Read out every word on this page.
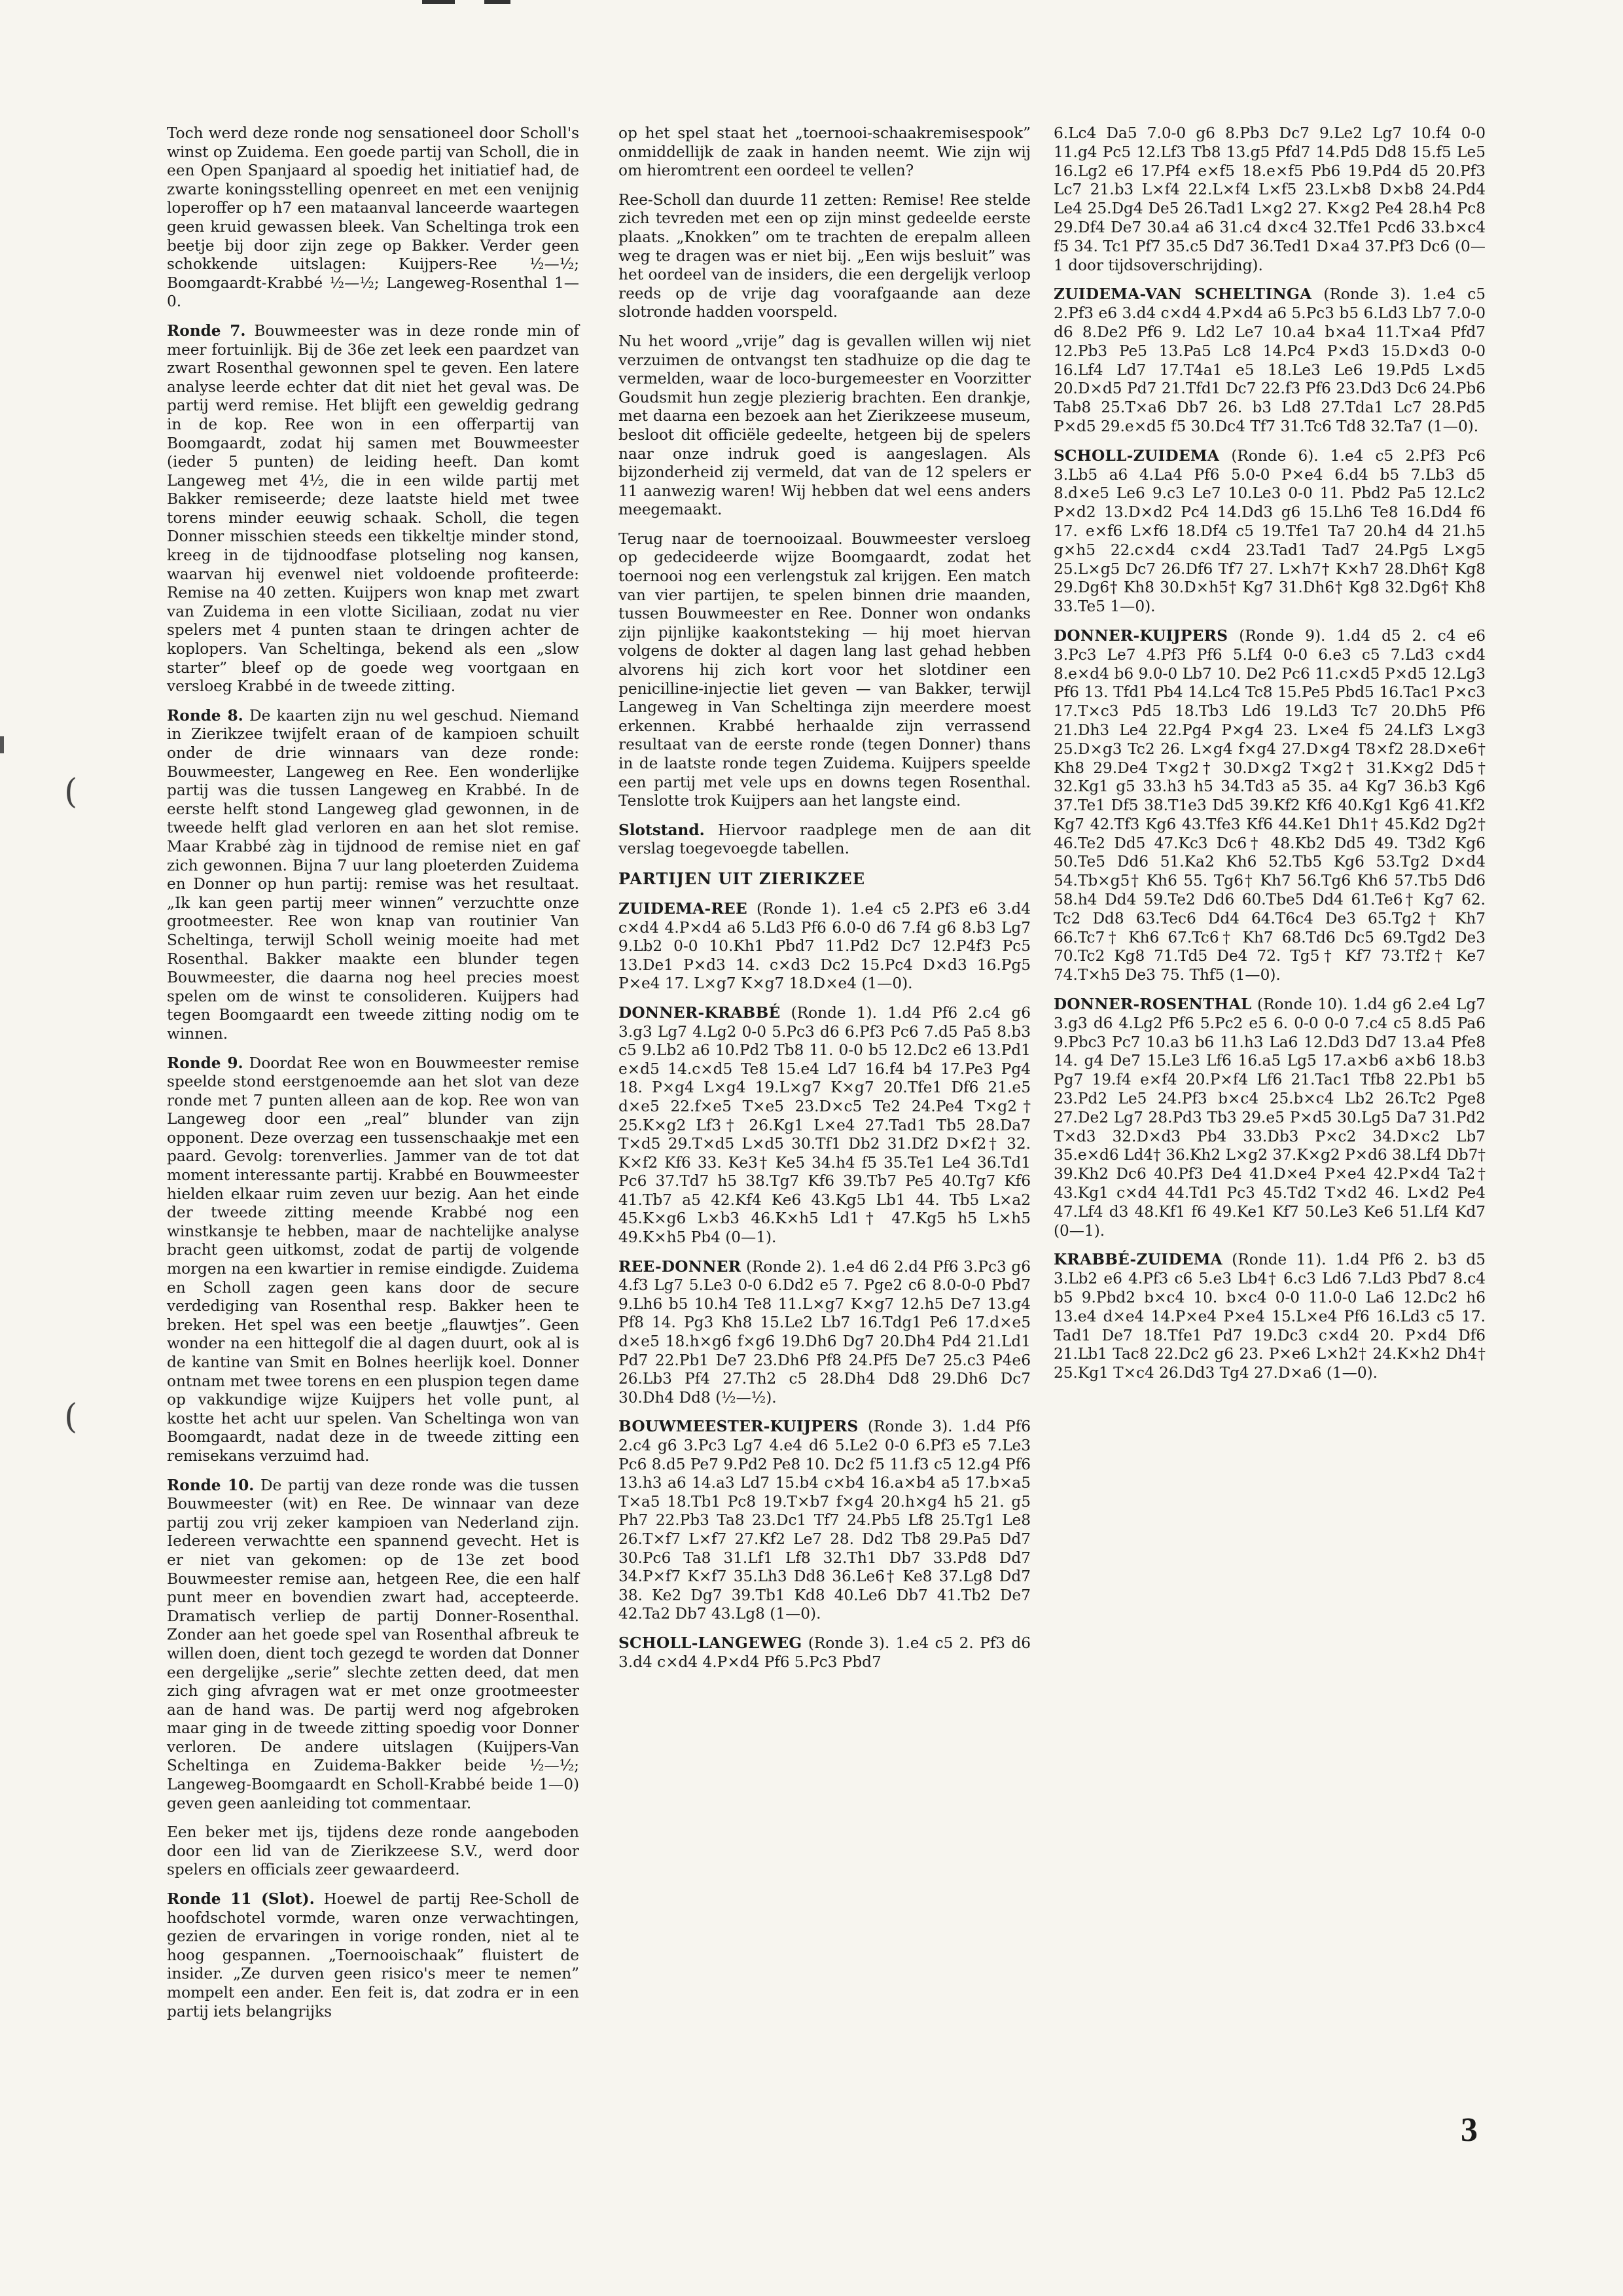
(
(

Toch werd deze ronde nog sensationeel door Scholl's winst op Zuidema. Een goede partij van Scholl, die in een Open Spanjaard al spoedig het initiatief had, de zwarte koningsstelling openreet en met een venijnig loperoffer op h7 een mataanval lanceerde waartegen geen kruid gewassen bleek. Van Scheltinga trok een beetje bij door zijn zege op Bakker. Verder geen schokkende uitslagen: Kuijpers-Ree ½—½; Boomgaardt-Krabbé ½—½; Langeweg-Rosenthal 1—0.

Ronde 7. Bouwmeester was in deze ronde min of meer fortuinlijk. Bij de 36e zet leek een paardzet van zwart Rosenthal gewonnen spel te geven. Een latere analyse leerde echter dat dit niet het geval was. De partij werd remise. Het blijft een geweldig gedrang in de kop. Ree won in een offerpartij van Boomgaardt, zodat hij samen met Bouwmeester (ieder 5 punten) de leiding heeft. Dan komt Langeweg met 4½, die in een wilde partij met Bakker remiseerde; deze laatste hield met twee torens minder eeuwig schaak. Scholl, die tegen Donner misschien steeds een tikkeltje minder stond, kreeg in de tijdnoodfase plotseling nog kansen, waarvan hij evenwel niet voldoende profiteerde: Remise na 40 zetten. Kuijpers won knap met zwart van Zuidema in een vlotte Siciliaan, zodat nu vier spelers met 4 punten staan te dringen achter de koplopers. Van Scheltinga, bekend als een „slow starter” bleef op de goede weg voortgaan en versloeg Krabbé in de tweede zitting.

Ronde 8. De kaarten zijn nu wel geschud. Niemand in Zierikzee twijfelt eraan of de kampioen schuilt onder de drie winnaars van deze ronde: Bouwmeester, Langeweg en Ree. Een wonderlijke partij was die tussen Langeweg en Krabbé. In de eerste helft stond Langeweg glad gewonnen, in de tweede helft glad verloren en aan het slot remise. Maar Krabbé zàg in tijdnood de remise niet en gaf zich gewonnen. Bijna 7 uur lang ploeterden Zuidema en Donner op hun partij: remise was het resultaat. „Ik kan geen partij meer winnen” verzuchtte onze grootmeester. Ree won knap van routinier Van Scheltinga, terwijl Scholl weinig moeite had met Rosenthal. Bakker maakte een blunder tegen Bouwmeester, die daarna nog heel precies moest spelen om de winst te consolideren. Kuijpers had tegen Boomgaardt een tweede zitting nodig om te winnen.

Ronde 9. Doordat Ree won en Bouwmeester remise speelde stond eerstgenoemde aan het slot van deze ronde met 7 punten alleen aan de kop. Ree won van Langeweg door een „real” blunder van zijn opponent. Deze overzag een tussenschaakje met een paard. Gevolg: torenverlies. Jammer van de tot dat moment interessante partij. Krabbé en Bouwmeester hielden elkaar ruim zeven uur bezig. Aan het einde der tweede zitting meende Krabbé nog een winstkansje te hebben, maar de nachtelijke analyse bracht geen uitkomst, zodat de partij de volgende morgen na een kwartier in remise eindigde. Zuidema en Scholl zagen geen kans door de secure verdediging van Rosenthal resp. Bakker heen te breken. Het spel was een beetje „flauwtjes”. Geen wonder na een hittegolf die al dagen duurt, ook al is de kantine van Smit en Bolnes heerlijk koel. Donner ontnam met twee torens en een pluspion tegen dame op vakkundige wijze Kuijpers het volle punt, al kostte het acht uur spelen. Van Scheltinga won van Boomgaardt, nadat deze in de tweede zitting een remisekans verzuimd had.

Ronde 10. De partij van deze ronde was die tussen Bouwmeester (wit) en Ree. De winnaar van deze partij zou vrij zeker kampioen van Nederland zijn. Iedereen verwachtte een spannend gevecht. Het is er niet van gekomen: op de 13e zet bood Bouwmeester remise aan, hetgeen Ree, die een half punt meer en bovendien zwart had, accepteerde. Dramatisch verliep de partij Donner-Rosenthal. Zonder aan het goede spel van Rosenthal afbreuk te willen doen, dient toch gezegd te worden dat Donner een dergelijke „serie” slechte zetten deed, dat men zich ging afvragen wat er met onze grootmeester aan de hand was. De partij werd nog afgebroken maar ging in de tweede zitting spoedig voor Donner verloren. De andere uitslagen (Kuijpers-Van Scheltinga en Zuidema-Bakker beide ½—½; Langeweg-Boomgaardt en Scholl-Krabbé beide 1—0) geven geen aanleiding tot commentaar.

Een beker met ijs, tijdens deze ronde aangeboden door een lid van de Zierikzeese S.V., werd door spelers en officials zeer gewaardeerd.

Ronde 11 (Slot). Hoewel de partij Ree-Scholl de hoofdschotel vormde, waren onze verwachtingen, gezien de ervaringen in vorige ronden, niet al te hoog gespannen. „Toernooischaak” fluistert de insider. „Ze durven geen risico's meer te nemen” mompelt een ander. Een feit is, dat zodra er in een partij iets belangrijks

op het spel staat het „toernooi-schaakremisespook” onmiddellijk de zaak in handen neemt. Wie zijn wij om hieromtrent een oordeel te vellen?

Ree-Scholl dan duurde 11 zetten: Remise! Ree stelde zich tevreden met een op zijn minst gedeelde eerste plaats. „Knokken” om te trachten de erepalm alleen weg te dragen was er niet bij. „Een wijs besluit” was het oordeel van de insiders, die een dergelijk verloop reeds op de vrije dag voorafgaande aan deze slotronde hadden voorspeld.

Nu het woord „vrije” dag is gevallen willen wij niet verzuimen de ontvangst ten stadhuize op die dag te vermelden, waar de loco-burgemeester en Voorzitter Goudsmit hun zegje plezierig brachten. Een drankje, met daarna een bezoek aan het Zierikzeese museum, besloot dit officiële gedeelte, hetgeen bij de spelers naar onze indruk goed is aangeslagen. Als bijzonderheid zij vermeld, dat van de 12 spelers er 11 aanwezig waren! Wij hebben dat wel eens anders meegemaakt.

Terug naar de toernooizaal. Bouwmeester versloeg op gedecideerde wijze Boomgaardt, zodat het toernooi nog een verlengstuk zal krijgen. Een match van vier partijen, te spelen binnen drie maanden, tussen Bouwmeester en Ree. Donner won ondanks zijn pijnlijke kaakontsteking — hij moet hiervan volgens de dokter al dagen lang last gehad hebben alvorens hij zich kort voor het slotdiner een penicilline-injectie liet geven — van Bakker, terwijl Langeweg in Van Scheltinga zijn meerdere moest erkennen. Krabbé herhaalde zijn verrassend resultaat van de eerste ronde (tegen Donner) thans in de laatste ronde tegen Zuidema. Kuijpers speelde een partij met vele ups en downs tegen Rosenthal. Tenslotte trok Kuijpers aan het langste eind.

Slotstand. Hiervoor raadplege men de aan dit verslag toegevoegde tabellen.

PARTIJEN UIT ZIERIKZEE

ZUIDEMA-REE (Ronde 1). 1.e4 c5 2.Pf3 e6 3.d4 c×d4 4.P×d4 a6 5.Ld3 Pf6 6.0-0 d6 7.f4 g6 8.b3 Lg7 9.Lb2 0-0 10.Kh1 Pbd7 11.Pd2 Dc7 12.P4f3 Pc5 13.De1 P×d3 14. c×d3 Dc2 15.Pc4 D×d3 16.Pg5 P×e4 17. L×g7 K×g7 18.D×e4 (1—0).

DONNER-KRABBÉ (Ronde 1). 1.d4 Pf6 2.c4 g6 3.g3 Lg7 4.Lg2 0-0 5.Pc3 d6 6.Pf3 Pc6 7.d5 Pa5 8.b3 c5 9.Lb2 a6 10.Pd2 Tb8 11. 0-0 b5 12.Dc2 e6 13.Pd1 e×d5 14.c×d5 Te8 15.e4 Ld7 16.f4 b4 17.Pe3 Pg4 18. P×g4 L×g4 19.L×g7 K×g7 20.Tfe1 Df6 21.e5 d×e5 22.f×e5 T×e5 23.D×c5 Te2 24.Pe4 T×g2† 25.K×g2 Lf3† 26.Kg1 L×e4 27.Tad1 Tb5 28.Da7 T×d5 29.T×d5 L×d5 30.Tf1 Db2 31.Df2 D×f2† 32. K×f2 Kf6 33. Ke3† Ke5 34.h4 f5 35.Te1 Le4 36.Td1 Pc6 37.Td7 h5 38.Tg7 Kf6 39.Tb7 Pe5 40.Tg7 Kf6 41.Tb7 a5 42.Kf4 Ke6 43.Kg5 Lb1 44. Tb5 L×a2 45.K×g6 L×b3 46.K×h5 Ld1† 47.Kg5 h5 L×h5 49.K×h5 Pb4 (0—1).

REE-DONNER (Ronde 2). 1.e4 d6 2.d4 Pf6 3.Pc3 g6 4.f3 Lg7 5.Le3 0-0 6.Dd2 e5 7. Pge2 c6 8.0-0-0 Pbd7 9.Lh6 b5 10.h4 Te8 11.L×g7 K×g7 12.h5 De7 13.g4 Pf8 14. Pg3 Kh8 15.Le2 Lb7 16.Tdg1 Pe6 17.d×e5 d×e5 18.h×g6 f×g6 19.Dh6 Dg7 20.Dh4 Pd4 21.Ld1 Pd7 22.Pb1 De7 23.Dh6 Pf8 24.Pf5 De7 25.c3 P4e6 26.Lb3 Pf4 27.Th2 c5 28.Dh4 Dd8 29.Dh6 Dc7 30.Dh4 Dd8 (½—½).

BOUWMEESTER-KUIJPERS (Ronde 3). 1.d4 Pf6 2.c4 g6 3.Pc3 Lg7 4.e4 d6 5.Le2 0-0 6.Pf3 e5 7.Le3 Pc6 8.d5 Pe7 9.Pd2 Pe8 10. Dc2 f5 11.f3 c5 12.g4 Pf6 13.h3 a6 14.a3 Ld7 15.b4 c×b4 16.a×b4 a5 17.b×a5 T×a5 18.Tb1 Pc8 19.T×b7 f×g4 20.h×g4 h5 21. g5 Ph7 22.Pb3 Ta8 23.Dc1 Tf7 24.Pb5 Lf8 25.Tg1 Le8 26.T×f7 L×f7 27.Kf2 Le7 28. Dd2 Tb8 29.Pa5 Dd7 30.Pc6 Ta8 31.Lf1 Lf8 32.Th1 Db7 33.Pd8 Dd7 34.P×f7 K×f7 35.Lh3 Dd8 36.Le6† Ke8 37.Lg8 Dd7 38. Ke2 Dg7 39.Tb1 Kd8 40.Le6 Db7 41.Tb2 De7 42.Ta2 Db7 43.Lg8 (1—0).

SCHOLL-LANGEWEG (Ronde 3). 1.e4 c5 2. Pf3 d6 3.d4 c×d4 4.P×d4 Pf6 5.Pc3 Pbd7

6.Lc4 Da5 7.0-0 g6 8.Pb3 Dc7 9.Le2 Lg7 10.f4 0-0 11.g4 Pc5 12.Lf3 Tb8 13.g5 Pfd7 14.Pd5 Dd8 15.f5 Le5 16.Lg2 e6 17.Pf4 e×f5 18.e×f5 Pb6 19.Pd4 d5 20.Pf3 Lc7 21.b3 L×f4 22.L×f4 L×f5 23.L×b8 D×b8 24.Pd4 Le4 25.Dg4 De5 26.Tad1 L×g2 27. K×g2 Pe4 28.h4 Pc8 29.Df4 De7 30.a4 a6 31.c4 d×c4 32.Tfe1 Pcd6 33.b×c4 f5 34. Tc1 Pf7 35.c5 Dd7 36.Ted1 D×a4 37.Pf3 Dc6 (0—1 door tijdsoverschrijding).

ZUIDEMA-VAN SCHELTINGA (Ronde 3). 1.e4 c5 2.Pf3 e6 3.d4 c×d4 4.P×d4 a6 5.Pc3 b5 6.Ld3 Lb7 7.0-0 d6 8.De2 Pf6 9. Ld2 Le7 10.a4 b×a4 11.T×a4 Pfd7 12.Pb3 Pe5 13.Pa5 Lc8 14.Pc4 P×d3 15.D×d3 0-0 16.Lf4 Ld7 17.T4a1 e5 18.Le3 Le6 19.Pd5 L×d5 20.D×d5 Pd7 21.Tfd1 Dc7 22.f3 Pf6 23.Dd3 Dc6 24.Pb6 Tab8 25.T×a6 Db7 26. b3 Ld8 27.Tda1 Lc7 28.Pd5 P×d5 29.e×d5 f5 30.Dc4 Tf7 31.Tc6 Td8 32.Ta7 (1—0).

SCHOLL-ZUIDEMA (Ronde 6). 1.e4 c5 2.Pf3 Pc6 3.Lb5 a6 4.La4 Pf6 5.0-0 P×e4 6.d4 b5 7.Lb3 d5 8.d×e5 Le6 9.c3 Le7 10.Le3 0-0 11. Pbd2 Pa5 12.Lc2 P×d2 13.D×d2 Pc4 14.Dd3 g6 15.Lh6 Te8 16.Dd4 f6 17. e×f6 L×f6 18.Df4 c5 19.Tfe1 Ta7 20.h4 d4 21.h5 g×h5 22.c×d4 c×d4 23.Tad1 Tad7 24.Pg5 L×g5 25.L×g5 Dc7 26.Df6 Tf7 27. L×h7† K×h7 28.Dh6† Kg8 29.Dg6† Kh8 30.D×h5† Kg7 31.Dh6† Kg8 32.Dg6† Kh8 33.Te5 1—0).

DONNER-KUIJPERS (Ronde 9). 1.d4 d5 2. c4 e6 3.Pc3 Le7 4.Pf3 Pf6 5.Lf4 0-0 6.e3 c5 7.Ld3 c×d4 8.e×d4 b6 9.0-0 Lb7 10. De2 Pc6 11.c×d5 P×d5 12.Lg3 Pf6 13. Tfd1 Pb4 14.Lc4 Tc8 15.Pe5 Pbd5 16.Tac1 P×c3 17.T×c3 Pd5 18.Tb3 Ld6 19.Ld3 Tc7 20.Dh5 Pf6 21.Dh3 Le4 22.Pg4 P×g4 23. L×e4 f5 24.Lf3 L×g3 25.D×g3 Tc2 26. L×g4 f×g4 27.D×g4 T8×f2 28.D×e6† Kh8 29.De4 T×g2† 30.D×g2 T×g2† 31.K×g2 Dd5† 32.Kg1 g5 33.h3 h5 34.Td3 a5 35. a4 Kg7 36.b3 Kg6 37.Te1 Df5 38.T1e3 Dd5 39.Kf2 Kf6 40.Kg1 Kg6 41.Kf2 Kg7 42.Tf3 Kg6 43.Tfe3 Kf6 44.Ke1 Dh1† 45.Kd2 Dg2† 46.Te2 Dd5 47.Kc3 Dc6† 48.Kb2 Dd5 49. T3d2 Kg6 50.Te5 Dd6 51.Ka2 Kh6 52.Tb5 Kg6 53.Tg2 D×d4 54.Tb×g5† Kh6 55. Tg6† Kh7 56.Tg6 Kh6 57.Tb5 Dd6 58.h4 Dd4 59.Te2 Dd6 60.Tbe5 Dd4 61.Te6† Kg7 62. Tc2 Dd8 63.Tec6 Dd4 64.T6c4 De3 65.Tg2† Kh7 66.Tc7† Kh6 67.Tc6† Kh7 68.Td6 Dc5 69.Tgd2 De3 70.Tc2 Kg8 71.Td5 De4 72. Tg5† Kf7 73.Tf2† Ke7 74.T×h5 De3 75. Thf5 (1—0).

DONNER-ROSENTHAL (Ronde 10). 1.d4 g6 2.e4 Lg7 3.g3 d6 4.Lg2 Pf6 5.Pc2 e5 6. 0-0 0-0 7.c4 c5 8.d5 Pa6 9.Pbc3 Pc7 10.a3 b6 11.h3 La6 12.Dd3 Dd7 13.a4 Pfe8 14. g4 De7 15.Le3 Lf6 16.a5 Lg5 17.a×b6 a×b6 18.b3 Pg7 19.f4 e×f4 20.P×f4 Lf6 21.Tac1 Tfb8 22.Pb1 b5 23.Pd2 Le5 24.Pf3 b×c4 25.b×c4 Lb2 26.Tc2 Pge8 27.De2 Lg7 28.Pd3 Tb3 29.e5 P×d5 30.Lg5 Da7 31.Pd2 T×d3 32.D×d3 Pb4 33.Db3 P×c2 34.D×c2 Lb7 35.e×d6 Ld4† 36.Kh2 L×g2 37.K×g2 P×d6 38.Lf4 Db7† 39.Kh2 Dc6 40.Pf3 De4 41.D×e4 P×e4 42.P×d4 Ta2† 43.Kg1 c×d4 44.Td1 Pc3 45.Td2 T×d2 46. L×d2 Pe4 47.Lf4 d3 48.Kf1 f6 49.Ke1 Kf7 50.Le3 Ke6 51.Lf4 Kd7 (0—1).

KRABBÉ-ZUIDEMA (Ronde 11). 1.d4 Pf6 2. b3 d5 3.Lb2 e6 4.Pf3 c6 5.e3 Lb4† 6.c3 Ld6 7.Ld3 Pbd7 8.c4 b5 9.Pbd2 b×c4 10. b×c4 0-0 11.0-0 La6 12.Dc2 h6 13.e4 d×e4 14.P×e4 P×e4 15.L×e4 Pf6 16.Ld3 c5 17. Tad1 De7 18.Tfe1 Pd7 19.Dc3 c×d4 20. P×d4 Df6 21.Lb1 Tac8 22.Dc2 g6 23. P×e6 L×h2† 24.K×h2 Dh4† 25.Kg1 T×c4 26.Dd3 Tg4 27.D×a6 (1—0).

3
